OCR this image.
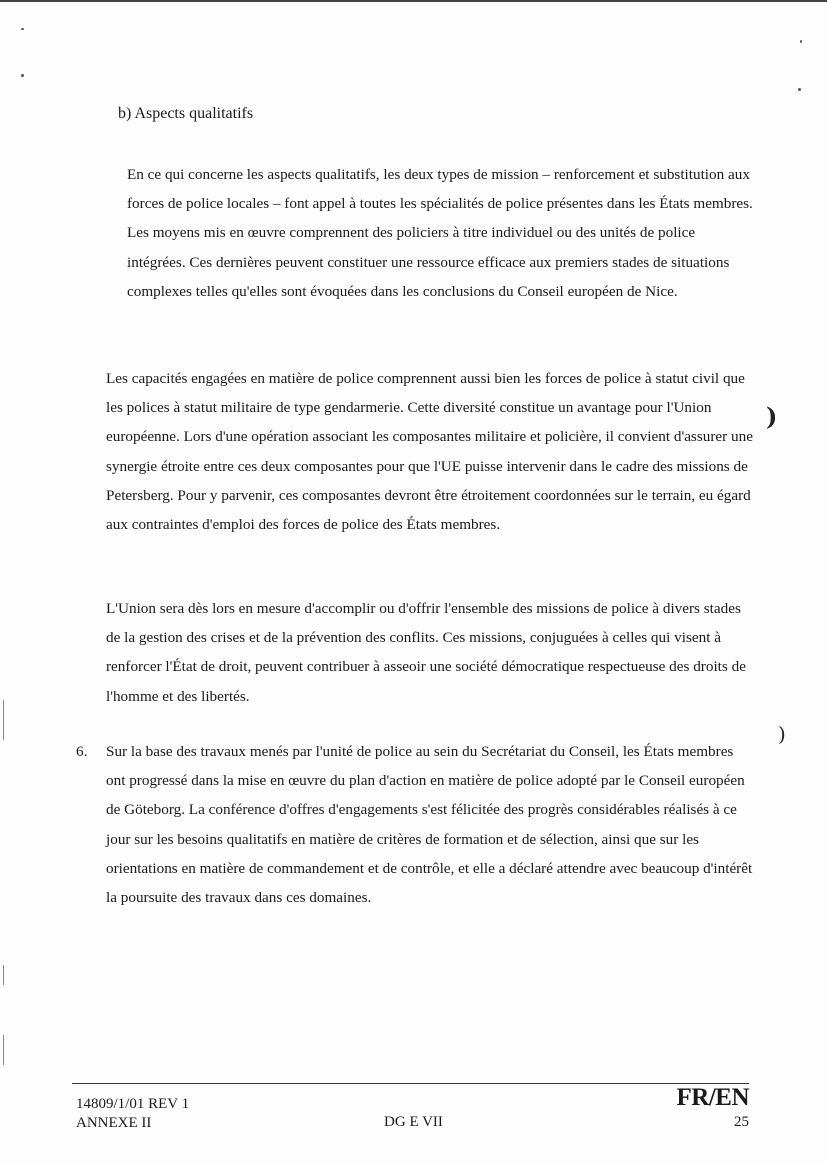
)
)
b) Aspects qualitatifs

En ce qui concerne les aspects qualitatifs, les deux types de mission – renforcement et substitution aux forces de police locales – font appel à toutes les spécialités de police présentes dans les États membres. Les moyens mis en œuvre comprennent des policiers à titre individuel ou des unités de police intégrées. Ces dernières peuvent constituer une ressource efficace aux premiers stades de situations complexes telles qu'elles sont évoquées dans les conclusions du Conseil européen de Nice.

Les capacités engagées en matière de police comprennent aussi bien les forces de police à statut civil que les polices à statut militaire de type gendarmerie. Cette diversité constitue un avantage pour l'Union européenne. Lors d'une opération associant les composantes militaire et policière, il convient d'assurer une synergie étroite entre ces deux composantes pour que l'UE puisse intervenir dans le cadre des missions de Petersberg. Pour y parvenir, ces composantes devront être étroitement coordonnées sur le terrain, eu égard aux contraintes d'emploi des forces de police des États membres.

L'Union sera dès lors en mesure d'accomplir ou d'offrir l'ensemble des missions de police à divers stades de la gestion des crises et de la prévention des conflits. Ces missions, conjuguées à celles qui visent à renforcer l'État de droit, peuvent contribuer à asseoir une société démocratique respectueuse des droits de l'homme et des libertés.

6. Sur la base des travaux menés par l'unité de police au sein du Secrétariat du Conseil, les États membres ont progressé dans la mise en œuvre du plan d'action en matière de police adopté par le Conseil européen de Göteborg. La conférence d'offres d'engagements s'est félicitée des progrès considérables réalisés à ce jour sur les besoins qualitatifs en matière de critères de formation et de sélection, ainsi que sur les orientations en matière de commandement et de contrôle, et elle a déclaré attendre avec beaucoup d'intérêt la poursuite des travaux dans ces domaines.

14809/1/01 REV 1
ANNEXE II	DG E VII
FR/EN
25
